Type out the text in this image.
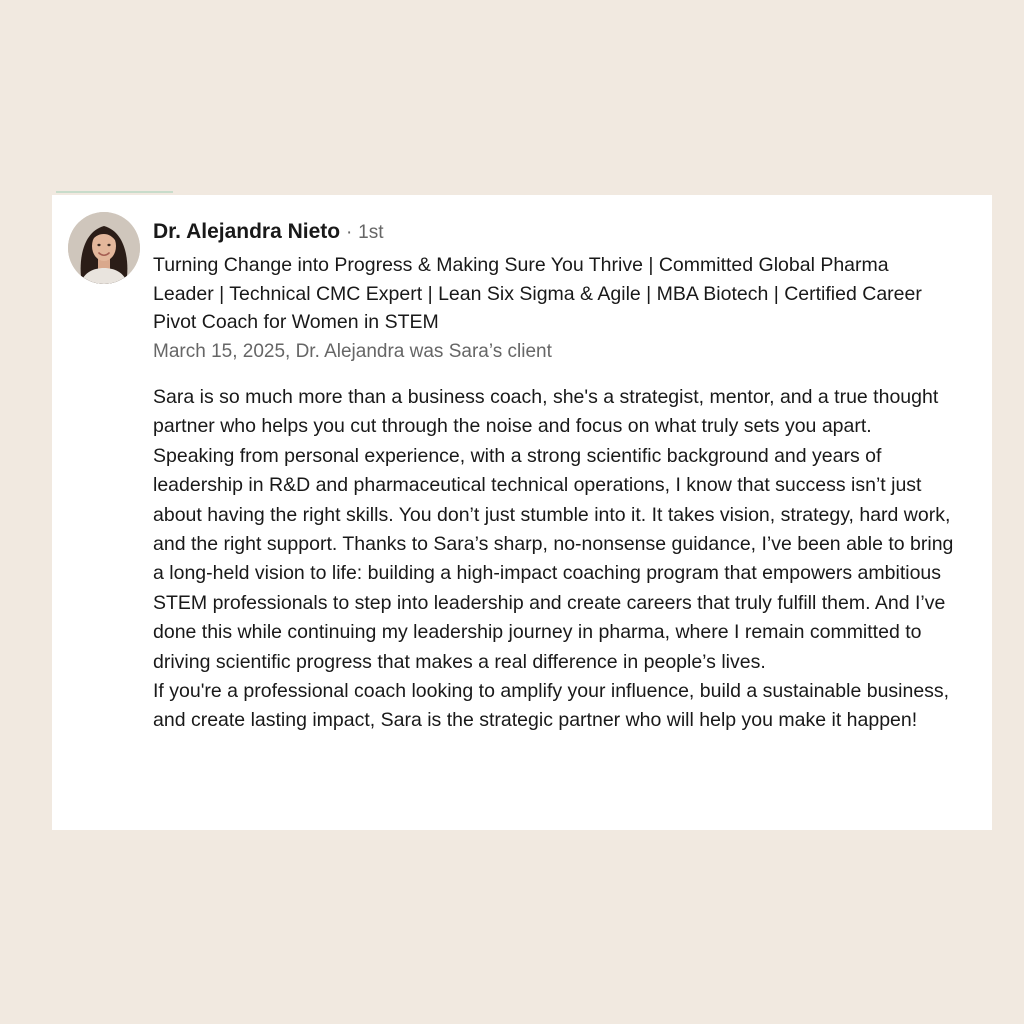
Dr. Alejandra Nieto · 1st
Turning Change into Progress & Making Sure You Thrive | Committed Global Pharma Leader | Technical CMC Expert | Lean Six Sigma & Agile | MBA Biotech | Certified Career Pivot Coach for Women in STEM
March 15, 2025, Dr. Alejandra was Sara’s client

Sara is so much more than a business coach, she's a strategist, mentor, and a true thought partner who helps you cut through the noise and focus on what truly sets you apart.

Speaking from personal experience, with a strong scientific background and years of leadership in R&D and pharmaceutical technical operations, I know that success isn’t just about having the right skills. You don’t just stumble into it. It takes vision, strategy, hard work, and the right support. Thanks to Sara’s sharp, no-nonsense guidance, I’ve been able to bring a long-held vision to life: building a high-impact coaching program that empowers ambitious STEM professionals to step into leadership and create careers that truly fulfill them. And I’ve done this while continuing my leadership journey in pharma, where I remain committed to driving scientific progress that makes a real difference in people’s lives.

If you're a professional coach looking to amplify your influence, build a sustainable business, and create lasting impact, Sara is the strategic partner who will help you make it happen!
